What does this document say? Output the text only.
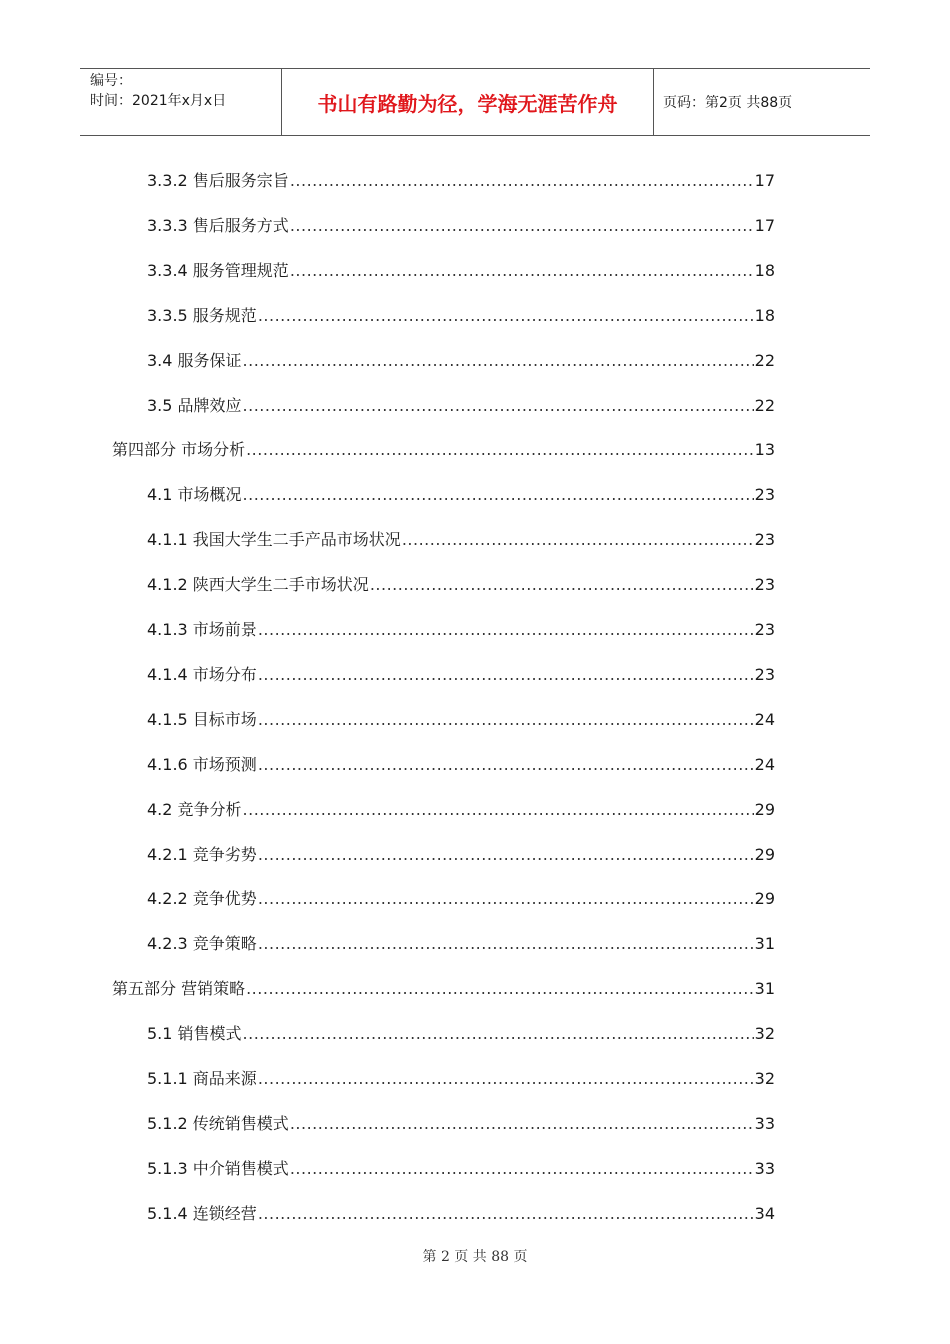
编号：
时间：2021年x月x日	书山有路勤为径，学海无涯苦作舟	页码：第2页 共88页
3.3.2 售后服务宗旨 .....	17
3.3.3 售后服务方式 .....	17
3.3.4 服务管理规范 .....	18
3.3.5 服务规范 .....	18
3.4 服务保证 .....	22
3.5 品牌效应 .....	22
第四部分 市场分析 .....	13
4.1 市场概况 .....	23
4.1.1 我国大学生二手产品市场状况 .....	23
4.1.2 陕西大学生二手市场状况 .....	23
4.1.3 市场前景 .....	23
4.1.4 市场分布 .....	23
4.1.5 目标市场 .....	24
4.1.6 市场预测 .....	24
4.2 竞争分析 .....	29
4.2.1 竞争劣势 .....	29
4.2.2 竞争优势 .....	29
4.2.3 竞争策略 .....	31
第五部分 营销策略 .....	31
5.1 销售模式 .....	32
5.1.1 商品来源 .....	32
5.1.2 传统销售模式 .....	33
5.1.3 中介销售模式 .....	33
5.1.4 连锁经营 .....	34
第 2 页 共 88 页
